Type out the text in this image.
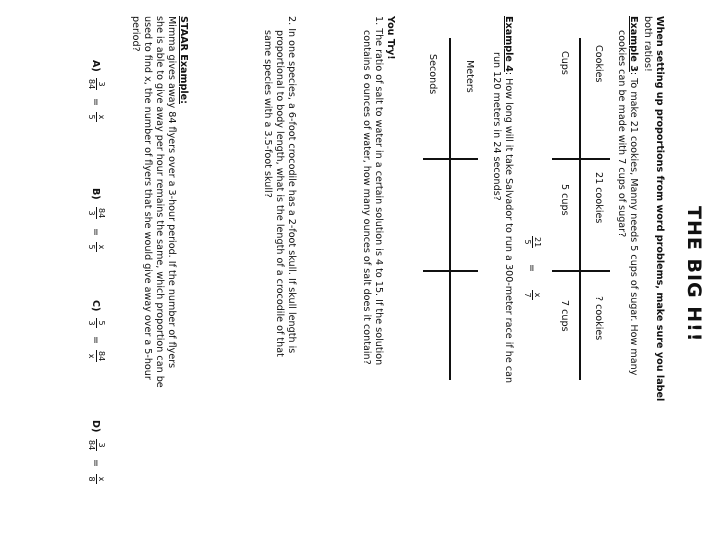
THE BIG H!!
When setting up proportions from word problems, make sure you label
both ratios!
Example 3: To make 21 cookies, Manny needs 5 cups of sugar. How many
cookies can be made with 7 cups of sugar?
Cookies
Cups
21 cookies
5 cups
? cookies
7 cups
21
5
=
x
7
Example 4: How long will it take Salvador to run a 300-meter race if he can
run 120 meters in 24 seconds?
Meters
Seconds
You Try!
1. The ratio of salt to water in a certain solution is 4 to 15. If the solution
contains 6 ounces of water, how many ounces of salt does it contain?
2. In one species, a 6-foot crocodile has a 2-foot skull. If skull length is
proportional to body length, what is the length of a crocodile of that
same species with a 3.5-foot skull?
STAAR Example:
Mimma gives away 84 flyers over a 3-hour period. If the number of flyers
she is able to give away per hour remains the same, which proportion can be
used to find x, the number of flyers that she would give away over a 5-hour
period?
A)
3
84
=
x
5
B)
84
3
=
x
5
C)
5
3
=
84
x
D)
3
84
=
x
8
